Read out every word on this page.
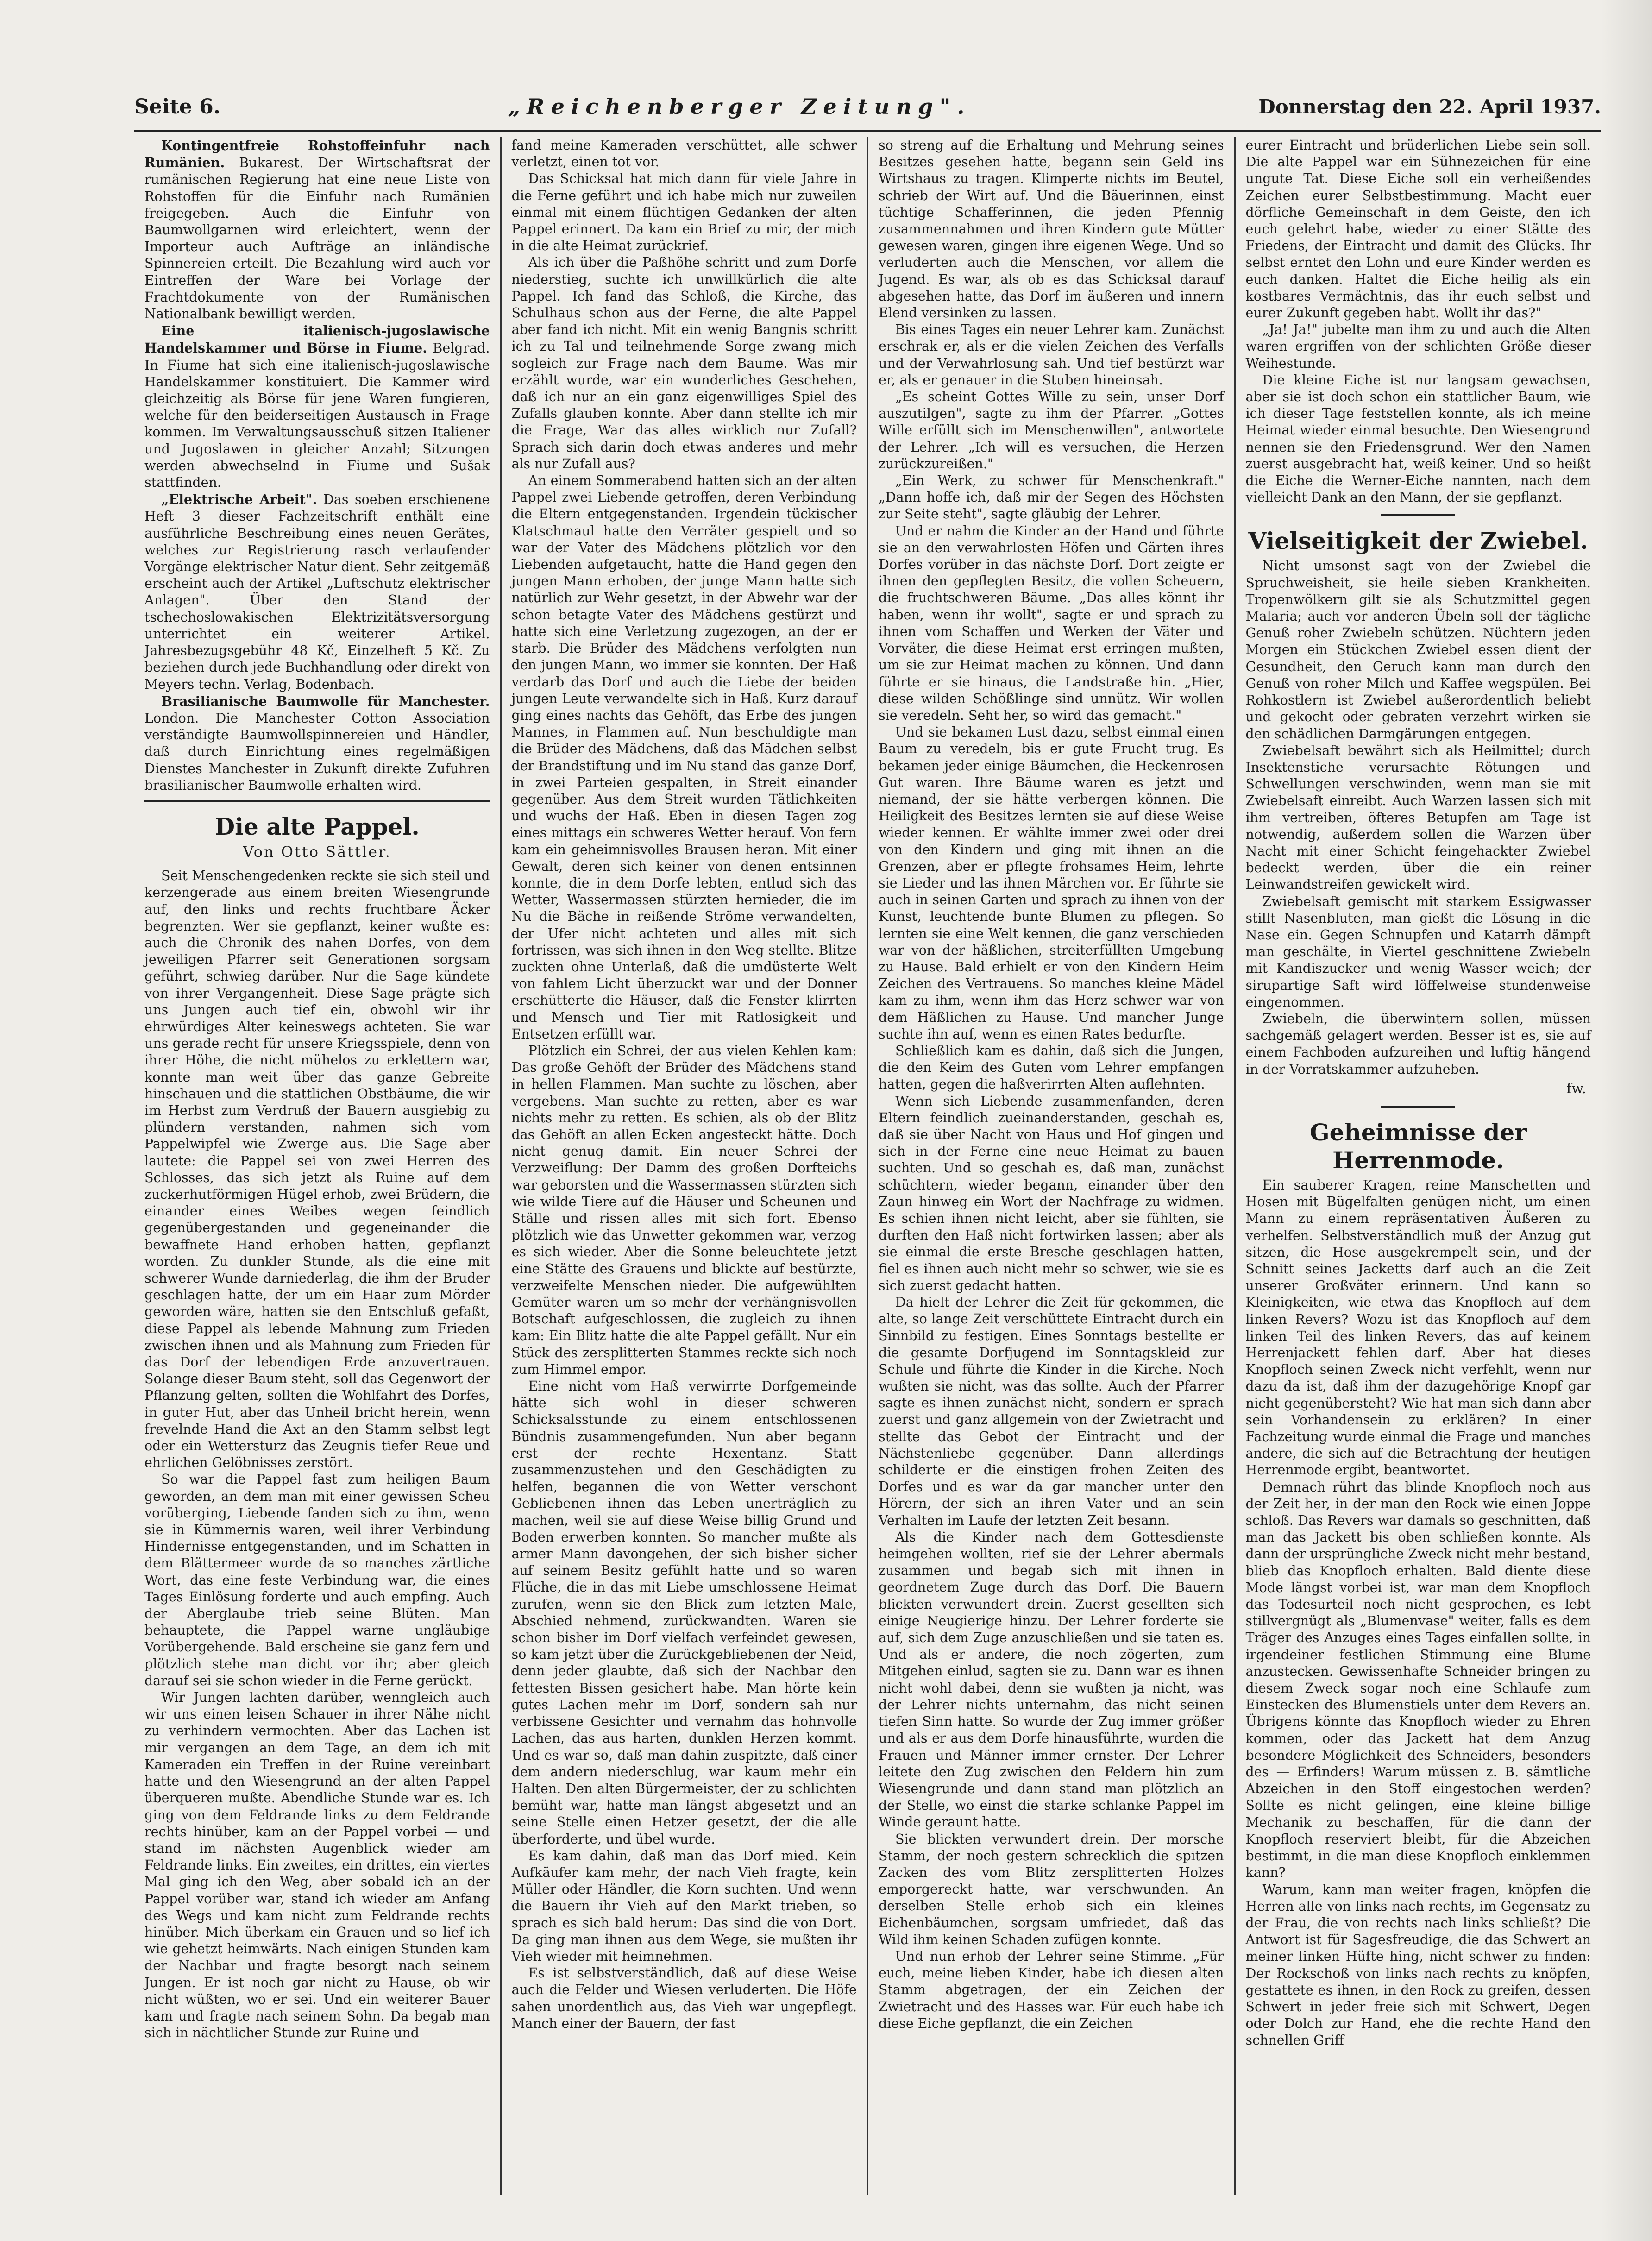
Seite 6.	„Reichenberger Zeitung".	Donnerstag den 22. April 1937.

Kontingentfreie Rohstoffeinfuhr nach Rumänien. Bukarest. Der Wirtschaftsrat der rumänischen Regierung hat eine neue Liste von Rohstoffen für die Einfuhr nach Rumänien freigegeben. Auch die Einfuhr von Baumwollgarnen wird erleichtert, wenn der Importeur auch Aufträge an inländische Spinnereien erteilt. Die Bezahlung wird auch vor Eintreffen der Ware bei Vorlage der Frachtdokumente von der Rumänischen Nationalbank bewilligt werden.

Eine italienisch-jugoslawische Handelskammer und Börse in Fiume. Belgrad. In Fiume hat sich eine italienisch-jugoslawische Handelskammer konstituiert. Die Kammer wird gleichzeitig als Börse für jene Waren fungieren, welche für den beiderseitigen Austausch in Frage kommen. Im Verwaltungsausschuß sitzen Italiener und Jugoslawen in gleicher Anzahl; Sitzungen werden abwechselnd in Fiume und Sušak stattfinden.

„Elektrische Arbeit". Das soeben erschienene Heft 3 dieser Fachzeitschrift enthält eine ausführliche Beschreibung eines neuen Gerätes, welches zur Registrierung rasch verlaufender Vorgänge elektrischer Natur dient. Sehr zeitgemäß erscheint auch der Artikel „Luftschutz elektrischer Anlagen". Über den Stand der tschechoslowakischen Elektrizitätsversorgung unterrichtet ein weiterer Artikel. Jahresbezugsgebühr 48 Kč, Einzelheft 5 Kč. Zu beziehen durch jede Buchhandlung oder direkt von Meyers techn. Verlag, Bodenbach.

Brasilianische Baumwolle für Manchester. London. Die Manchester Cotton Association verständigte Baumwollspinnereien und Händler, daß durch Einrichtung eines regelmäßigen Dienstes Manchester in Zukunft direkte Zufuhren brasilianischer Baumwolle erhalten wird.

Die alte Pappel.
Von Otto Sättler.

Seit Menschengedenken reckte sie sich steil und kerzengerade aus einem breiten Wiesengrunde auf, den links und rechts fruchtbare Äcker begrenzten. Wer sie gepflanzt, keiner wußte es: auch die Chronik des nahen Dorfes, von dem jeweiligen Pfarrer seit Generationen sorgsam geführt, schwieg darüber. Nur die Sage kündete von ihrer Vergangenheit. Diese Sage prägte sich uns Jungen auch tief ein, obwohl wir ihr ehrwürdiges Alter keineswegs achteten. Sie war uns gerade recht für unsere Kriegsspiele, denn von ihrer Höhe, die nicht mühelos zu erklettern war, konnte man weit über das ganze Gebreite hinschauen und die stattlichen Obstbäume, die wir im Herbst zum Verdruß der Bauern ausgiebig zu plündern verstanden, nahmen sich vom Pappelwipfel wie Zwerge aus. Die Sage aber lautete: die Pappel sei von zwei Herren des Schlosses, das sich jetzt als Ruine auf dem zuckerhutförmigen Hügel erhob, zwei Brüdern, die einander eines Weibes wegen feindlich gegenübergestanden und gegeneinander die bewaffnete Hand erhoben hatten, gepflanzt worden. Zu dunkler Stunde, als die eine mit schwerer Wunde darniederlag, die ihm der Bruder geschlagen hatte, der um ein Haar zum Mörder geworden wäre, hatten sie den Entschluß gefaßt, diese Pappel als lebende Mahnung zum Frieden zwischen ihnen und als Mahnung zum Frieden für das Dorf der lebendigen Erde anzuvertrauen. Solange dieser Baum steht, soll das Gegenwort der Pflanzung gelten, sollten die Wohlfahrt des Dorfes, in guter Hut, aber das Unheil bricht herein, wenn frevelnde Hand die Axt an den Stamm selbst legt oder ein Wettersturz das Zeugnis tiefer Reue und ehrlichen Gelöbnisses zerstört.

So war die Pappel fast zum heiligen Baum geworden, an dem man mit einer gewissen Scheu vorüberging, Liebende fanden sich zu ihm, wenn sie in Kümmernis waren, weil ihrer Verbindung Hindernisse entgegenstanden, und im Schatten in dem Blättermeer wurde da so manches zärtliche Wort, das eine feste Verbindung war, die eines Tages Einlösung forderte und auch empfing. Auch der Aberglaube trieb seine Blüten. Man behauptete, die Pappel warne ungläubige Vorübergehende. Bald erscheine sie ganz fern und plötzlich stehe man dicht vor ihr; aber gleich darauf sei sie schon wieder in die Ferne gerückt.

Wir Jungen lachten darüber, wenngleich auch wir uns einen leisen Schauer in ihrer Nähe nicht zu verhindern vermochten. Aber das Lachen ist mir vergangen an dem Tage, an dem ich mit Kameraden ein Treffen in der Ruine vereinbart hatte und den Wiesengrund an der alten Pappel überqueren mußte. Abendliche Stunde war es. Ich ging von dem Feldrande links zu dem Feldrande rechts hinüber, kam an der Pappel vorbei — und stand im nächsten Augenblick wieder am Feldrande links. Ein zweites, ein drittes, ein viertes Mal ging ich den Weg, aber sobald ich an der Pappel vorüber war, stand ich wieder am Anfang des Wegs und kam nicht zum Feldrande rechts hinüber. Mich überkam ein Grauen und so lief ich wie gehetzt heimwärts. Nach einigen Stunden kam der Nachbar und fragte besorgt nach seinem Jungen. Er ist noch gar nicht zu Hause, ob wir nicht wüßten, wo er sei. Und ein weiterer Bauer kam und fragte nach seinem Sohn. Da begab man sich in nächtlicher Stunde zur Ruine und

fand meine Kameraden verschüttet, alle schwer verletzt, einen tot vor.

Das Schicksal hat mich dann für viele Jahre in die Ferne geführt und ich habe mich nur zuweilen einmal mit einem flüchtigen Gedanken der alten Pappel erinnert. Da kam ein Brief zu mir, der mich in die alte Heimat zurückrief.

Als ich über die Paßhöhe schritt und zum Dorfe niederstieg, suchte ich unwillkürlich die alte Pappel. Ich fand das Schloß, die Kirche, das Schulhaus schon aus der Ferne, die alte Pappel aber fand ich nicht. Mit ein wenig Bangnis schritt ich zu Tal und teilnehmende Sorge zwang mich sogleich zur Frage nach dem Baume. Was mir erzählt wurde, war ein wunderliches Geschehen, daß ich nur an ein ganz eigenwilliges Spiel des Zufalls glauben konnte. Aber dann stellte ich mir die Frage, War das alles wirklich nur Zufall? Sprach sich darin doch etwas anderes und mehr als nur Zufall aus?

An einem Sommerabend hatten sich an der alten Pappel zwei Liebende getroffen, deren Verbindung die Eltern entgegenstanden. Irgendein tückischer Klatschmaul hatte den Verräter gespielt und so war der Vater des Mädchens plötzlich vor den Liebenden aufgetaucht, hatte die Hand gegen den jungen Mann erhoben, der junge Mann hatte sich natürlich zur Wehr gesetzt, in der Abwehr war der schon betagte Vater des Mädchens gestürzt und hatte sich eine Verletzung zugezogen, an der er starb. Die Brüder des Mädchens verfolgten nun den jungen Mann, wo immer sie konnten. Der Haß verdarb das Dorf und auch die Liebe der beiden jungen Leute verwandelte sich in Haß. Kurz darauf ging eines nachts das Gehöft, das Erbe des jungen Mannes, in Flammen auf. Nun beschuldigte man die Brüder des Mädchens, daß das Mädchen selbst der Brandstiftung und im Nu stand das ganze Dorf, in zwei Parteien gespalten, in Streit einander gegenüber. Aus dem Streit wurden Tätlichkeiten und wuchs der Haß. Eben in diesen Tagen zog eines mittags ein schweres Wetter herauf. Von fern kam ein geheimnisvolles Brausen heran. Mit einer Gewalt, deren sich keiner von denen entsinnen konnte, die in dem Dorfe lebten, entlud sich das Wetter, Wassermassen stürzten hernieder, die im Nu die Bäche in reißende Ströme verwandelten, der Ufer nicht achteten und alles mit sich fortrissen, was sich ihnen in den Weg stellte. Blitze zuckten ohne Unterlaß, daß die umdüsterte Welt von fahlem Licht überzuckt war und der Donner erschütterte die Häuser, daß die Fenster klirrten und Mensch und Tier mit Ratlosigkeit und Entsetzen erfüllt war.

Plötzlich ein Schrei, der aus vielen Kehlen kam: Das große Gehöft der Brüder des Mädchens stand in hellen Flammen. Man suchte zu löschen, aber vergebens. Man suchte zu retten, aber es war nichts mehr zu retten. Es schien, als ob der Blitz das Gehöft an allen Ecken angesteckt hätte. Doch nicht genug damit. Ein neuer Schrei der Verzweiflung: Der Damm des großen Dorfteichs war geborsten und die Wassermassen stürzten sich wie wilde Tiere auf die Häuser und Scheunen und Ställe und rissen alles mit sich fort. Ebenso plötzlich wie das Unwetter gekommen war, verzog es sich wieder. Aber die Sonne beleuchtete jetzt eine Stätte des Grauens und blickte auf bestürzte, verzweifelte Menschen nieder. Die aufgewühlten Gemüter waren um so mehr der verhängnisvollen Botschaft aufgeschlossen, die zugleich zu ihnen kam: Ein Blitz hatte die alte Pappel gefällt. Nur ein Stück des zersplitterten Stammes reckte sich noch zum Himmel empor.

Eine nicht vom Haß verwirrte Dorfgemeinde hätte sich wohl in dieser schweren Schicksalsstunde zu einem entschlossenen Bündnis zusammengefunden. Nun aber begann erst der rechte Hexentanz. Statt zusammenzustehen und den Geschädigten zu helfen, begannen die von Wetter verschont Gebliebenen ihnen das Leben unerträglich zu machen, weil sie auf diese Weise billig Grund und Boden erwerben konnten. So mancher mußte als armer Mann davongehen, der sich bisher sicher auf seinem Besitz gefühlt hatte und so waren Flüche, die in das mit Liebe umschlossene Heimat zurufen, wenn sie den Blick zum letzten Male, Abschied nehmend, zurückwandten. Waren sie schon bisher im Dorf vielfach verfeindet gewesen, so kam jetzt über die Zurückgebliebenen der Neid, denn jeder glaubte, daß sich der Nachbar den fettesten Bissen gesichert habe. Man hörte kein gutes Lachen mehr im Dorf, sondern sah nur verbissene Gesichter und vernahm das hohnvolle Lachen, das aus harten, dunklen Herzen kommt. Und es war so, daß man dahin zuspitzte, daß einer dem andern niederschlug, war kaum mehr ein Halten. Den alten Bürgermeister, der zu schlichten bemüht war, hatte man längst abgesetzt und an seine Stelle einen Hetzer gesetzt, der die alle überforderte, und übel wurde.

Es kam dahin, daß man das Dorf mied. Kein Aufkäufer kam mehr, der nach Vieh fragte, kein Müller oder Händler, die Korn suchten. Und wenn die Bauern ihr Vieh auf den Markt trieben, so sprach es sich bald herum: Das sind die von Dort. Da ging man ihnen aus dem Wege, sie mußten ihr Vieh wieder mit heimnehmen.

Es ist selbstverständlich, daß auf diese Weise auch die Felder und Wiesen verluderten. Die Höfe sahen unordentlich aus, das Vieh war ungepflegt. Manch einer der Bauern, der fast

so streng auf die Erhaltung und Mehrung seines Besitzes gesehen hatte, begann sein Geld ins Wirtshaus zu tragen. Klimperte nichts im Beutel, schrieb der Wirt auf. Und die Bäuerinnen, einst tüchtige Schafferinnen, die jeden Pfennig zusammennahmen und ihren Kindern gute Mütter gewesen waren, gingen ihre eigenen Wege. Und so verluderten auch die Menschen, vor allem die Jugend. Es war, als ob es das Schicksal darauf abgesehen hatte, das Dorf im äußeren und innern Elend versinken zu lassen.

Bis eines Tages ein neuer Lehrer kam. Zunächst erschrak er, als er die vielen Zeichen des Verfalls und der Verwahrlosung sah. Und tief bestürzt war er, als er genauer in die Stuben hineinsah.

„Es scheint Gottes Wille zu sein, unser Dorf auszutilgen", sagte zu ihm der Pfarrer. „Gottes Wille erfüllt sich im Menschenwillen", antwortete der Lehrer. „Ich will es versuchen, die Herzen zurückzureißen."

„Ein Werk, zu schwer für Menschenkraft." „Dann hoffe ich, daß mir der Segen des Höchsten zur Seite steht", sagte gläubig der Lehrer.

Und er nahm die Kinder an der Hand und führte sie an den verwahrlosten Höfen und Gärten ihres Dorfes vorüber in das nächste Dorf. Dort zeigte er ihnen den gepflegten Besitz, die vollen Scheuern, die fruchtschweren Bäume. „Das alles könnt ihr haben, wenn ihr wollt", sagte er und sprach zu ihnen vom Schaffen und Werken der Väter und Vorväter, die diese Heimat erst erringen mußten, um sie zur Heimat machen zu können. Und dann führte er sie hinaus, die Landstraße hin. „Hier, diese wilden Schößlinge sind unnütz. Wir wollen sie veredeln. Seht her, so wird das gemacht."

Und sie bekamen Lust dazu, selbst einmal einen Baum zu veredeln, bis er gute Frucht trug. Es bekamen jeder einige Bäumchen, die Heckenrosen Gut waren. Ihre Bäume waren es jetzt und niemand, der sie hätte verbergen können. Die Heiligkeit des Besitzes lernten sie auf diese Weise wieder kennen. Er wählte immer zwei oder drei von den Kindern und ging mit ihnen an die Grenzen, aber er pflegte frohsames Heim, lehrte sie Lieder und las ihnen Märchen vor. Er führte sie auch in seinen Garten und sprach zu ihnen von der Kunst, leuchtende bunte Blumen zu pflegen. So lernten sie eine Welt kennen, die ganz verschieden war von der häßlichen, streiterfüllten Umgebung zu Hause. Bald erhielt er von den Kindern Heim Zeichen des Vertrauens. So manches kleine Mädel kam zu ihm, wenn ihm das Herz schwer war von dem Häßlichen zu Hause. Und mancher Junge suchte ihn auf, wenn es einen Rates bedurfte.

Schließlich kam es dahin, daß sich die Jungen, die den Keim des Guten vom Lehrer empfangen hatten, gegen die haßverirrten Alten auflehnten.

Wenn sich Liebende zusammenfanden, deren Eltern feindlich zueinanderstanden, geschah es, daß sie über Nacht von Haus und Hof gingen und sich in der Ferne eine neue Heimat zu bauen suchten. Und so geschah es, daß man, zunächst schüchtern, wieder begann, einander über den Zaun hinweg ein Wort der Nachfrage zu widmen. Es schien ihnen nicht leicht, aber sie fühlten, sie durften den Haß nicht fortwirken lassen; aber als sie einmal die erste Bresche geschlagen hatten, fiel es ihnen auch nicht mehr so schwer, wie sie es sich zuerst gedacht hatten.

Da hielt der Lehrer die Zeit für gekommen, die alte, so lange Zeit verschüttete Eintracht durch ein Sinnbild zu festigen. Eines Sonntags bestellte er die gesamte Dorfjugend im Sonntagskleid zur Schule und führte die Kinder in die Kirche. Noch wußten sie nicht, was das sollte. Auch der Pfarrer sagte es ihnen zunächst nicht, sondern er sprach zuerst und ganz allgemein von der Zwietracht und stellte das Gebot der Eintracht und der Nächstenliebe gegenüber. Dann allerdings schilderte er die einstigen frohen Zeiten des Dorfes und es war da gar mancher unter den Hörern, der sich an ihren Vater und an sein Verhalten im Laufe der letzten Zeit besann.

Als die Kinder nach dem Gottesdienste heimgehen wollten, rief sie der Lehrer abermals zusammen und begab sich mit ihnen in geordnetem Zuge durch das Dorf. Die Bauern blickten verwundert drein. Zuerst gesellten sich einige Neugierige hinzu. Der Lehrer forderte sie auf, sich dem Zuge anzuschließen und sie taten es. Und als er andere, die noch zögerten, zum Mitgehen einlud, sagten sie zu. Dann war es ihnen nicht wohl dabei, denn sie wußten ja nicht, was der Lehrer nichts unternahm, das nicht seinen tiefen Sinn hatte. So wurde der Zug immer größer und als er aus dem Dorfe hinausführte, wurden die Frauen und Männer immer ernster. Der Lehrer leitete den Zug zwischen den Feldern hin zum Wiesengrunde und dann stand man plötzlich an der Stelle, wo einst die starke schlanke Pappel im Winde geraunt hatte.

Sie blickten verwundert drein. Der morsche Stamm, der noch gestern schrecklich die spitzen Zacken des vom Blitz zersplitterten Holzes emporgereckt hatte, war verschwunden. An derselben Stelle erhob sich ein kleines Eichenbäumchen, sorgsam umfriedet, daß das Wild ihm keinen Schaden zufügen konnte.

Und nun erhob der Lehrer seine Stimme. „Für euch, meine lieben Kinder, habe ich diesen alten Stamm abgetragen, der ein Zeichen der Zwietracht und des Hasses war. Für euch habe ich diese Eiche gepflanzt, die ein Zeichen

eurer Eintracht und brüderlichen Liebe sein soll. Die alte Pappel war ein Sühnezeichen für eine ungute Tat. Diese Eiche soll ein verheißendes Zeichen eurer Selbstbestimmung. Macht euer dörfliche Gemeinschaft in dem Geiste, den ich euch gelehrt habe, wieder zu einer Stätte des Friedens, der Eintracht und damit des Glücks. Ihr selbst erntet den Lohn und eure Kinder werden es euch danken. Haltet die Eiche heilig als ein kostbares Vermächtnis, das ihr euch selbst und eurer Zukunft gegeben habt. Wollt ihr das?"

„Ja! Ja!" jubelte man ihm zu und auch die Alten waren ergriffen von der schlichten Größe dieser Weihestunde.

Die kleine Eiche ist nur langsam gewachsen, aber sie ist doch schon ein stattlicher Baum, wie ich dieser Tage feststellen konnte, als ich meine Heimat wieder einmal besuchte. Den Wiesengrund nennen sie den Friedensgrund. Wer den Namen zuerst ausgebracht hat, weiß keiner. Und so heißt die Eiche die Werner-Eiche nannten, nach dem vielleicht Dank an den Mann, der sie gepflanzt.

Vielseitigkeit der Zwiebel.

Nicht umsonst sagt von der Zwiebel die Spruchweisheit, sie heile sieben Krankheiten. Tropenwölkern gilt sie als Schutzmittel gegen Malaria; auch vor anderen Übeln soll der tägliche Genuß roher Zwiebeln schützen. Nüchtern jeden Morgen ein Stückchen Zwiebel essen dient der Gesundheit, den Geruch kann man durch den Genuß von roher Milch und Kaffee wegspülen. Bei Rohkostlern ist Zwiebel außerordentlich beliebt und gekocht oder gebraten verzehrt wirken sie den schädlichen Darmgärungen entgegen.

Zwiebelsaft bewährt sich als Heilmittel; durch Insektenstiche verursachte Rötungen und Schwellungen verschwinden, wenn man sie mit Zwiebelsaft einreibt. Auch Warzen lassen sich mit ihm vertreiben, öfteres Betupfen am Tage ist notwendig, außerdem sollen die Warzen über Nacht mit einer Schicht feingehackter Zwiebel bedeckt werden, über die ein reiner Leinwandstreifen gewickelt wird.

Zwiebelsaft gemischt mit starkem Essigwasser stillt Nasenbluten, man gießt die Lösung in die Nase ein. Gegen Schnupfen und Katarrh dämpft man geschälte, in Viertel geschnittene Zwiebeln mit Kandiszucker und wenig Wasser weich; der sirupartige Saft wird löffelweise stundenweise eingenommen.

Zwiebeln, die überwintern sollen, müssen sachgemäß gelagert werden. Besser ist es, sie auf einem Fachboden aufzureihen und luftig hängend in der Vorratskammer aufzuheben.

fw.
Geheimnisse der Herrenmode.

Ein sauberer Kragen, reine Manschetten und Hosen mit Bügelfalten genügen nicht, um einen Mann zu einem repräsentativen Äußeren zu verhelfen. Selbstverständlich muß der Anzug gut sitzen, die Hose ausgekrempelt sein, und der Schnitt seines Jacketts darf auch an die Zeit unserer Großväter erinnern. Und kann so Kleinigkeiten, wie etwa das Knopfloch auf dem linken Revers? Wozu ist das Knopfloch auf dem linken Teil des linken Revers, das auf keinem Herrenjackett fehlen darf. Aber hat dieses Knopfloch seinen Zweck nicht verfehlt, wenn nur dazu da ist, daß ihm der dazugehörige Knopf gar nicht gegenübersteht? Wie hat man sich dann aber sein Vorhandensein zu erklären? In einer Fachzeitung wurde einmal die Frage und manches andere, die sich auf die Betrachtung der heutigen Herrenmode ergibt, beantwortet.

Demnach rührt das blinde Knopfloch noch aus der Zeit her, in der man den Rock wie einen Joppe schloß. Das Revers war damals so geschnitten, daß man das Jackett bis oben schließen konnte. Als dann der ursprüngliche Zweck nicht mehr bestand, blieb das Knopfloch erhalten. Bald diente diese Mode längst vorbei ist, war man dem Knopfloch das Todesurteil noch nicht gesprochen, es lebt stillvergnügt als „Blumenvase" weiter, falls es dem Träger des Anzuges eines Tages einfallen sollte, in irgendeiner festlichen Stimmung eine Blume anzustecken. Gewissenhafte Schneider bringen zu diesem Zweck sogar noch eine Schlaufe zum Einstecken des Blumenstiels unter dem Revers an. Übrigens könnte das Knopfloch wieder zu Ehren kommen, oder das Jackett hat dem Anzug besondere Möglichkeit des Schneiders, besonders des — Erfinders! Warum müssen z. B. sämtliche Abzeichen in den Stoff eingestochen werden? Sollte es nicht gelingen, eine kleine billige Mechanik zu beschaffen, für die dann der Knopfloch reserviert bleibt, für die Abzeichen bestimmt, in die man diese Knopfloch einklemmen kann?

Warum, kann man weiter fragen, knöpfen die Herren alle von links nach rechts, im Gegensatz zu der Frau, die von rechts nach links schließt? Die Antwort ist für Sagesfreudige, die das Schwert an meiner linken Hüfte hing, nicht schwer zu finden: Der Rockschoß von links nach rechts zu knöpfen, gestattete es ihnen, in den Rock zu greifen, dessen Schwert in jeder freie sich mit Schwert, Degen oder Dolch zur Hand, ehe die rechte Hand den schnellen Griff
